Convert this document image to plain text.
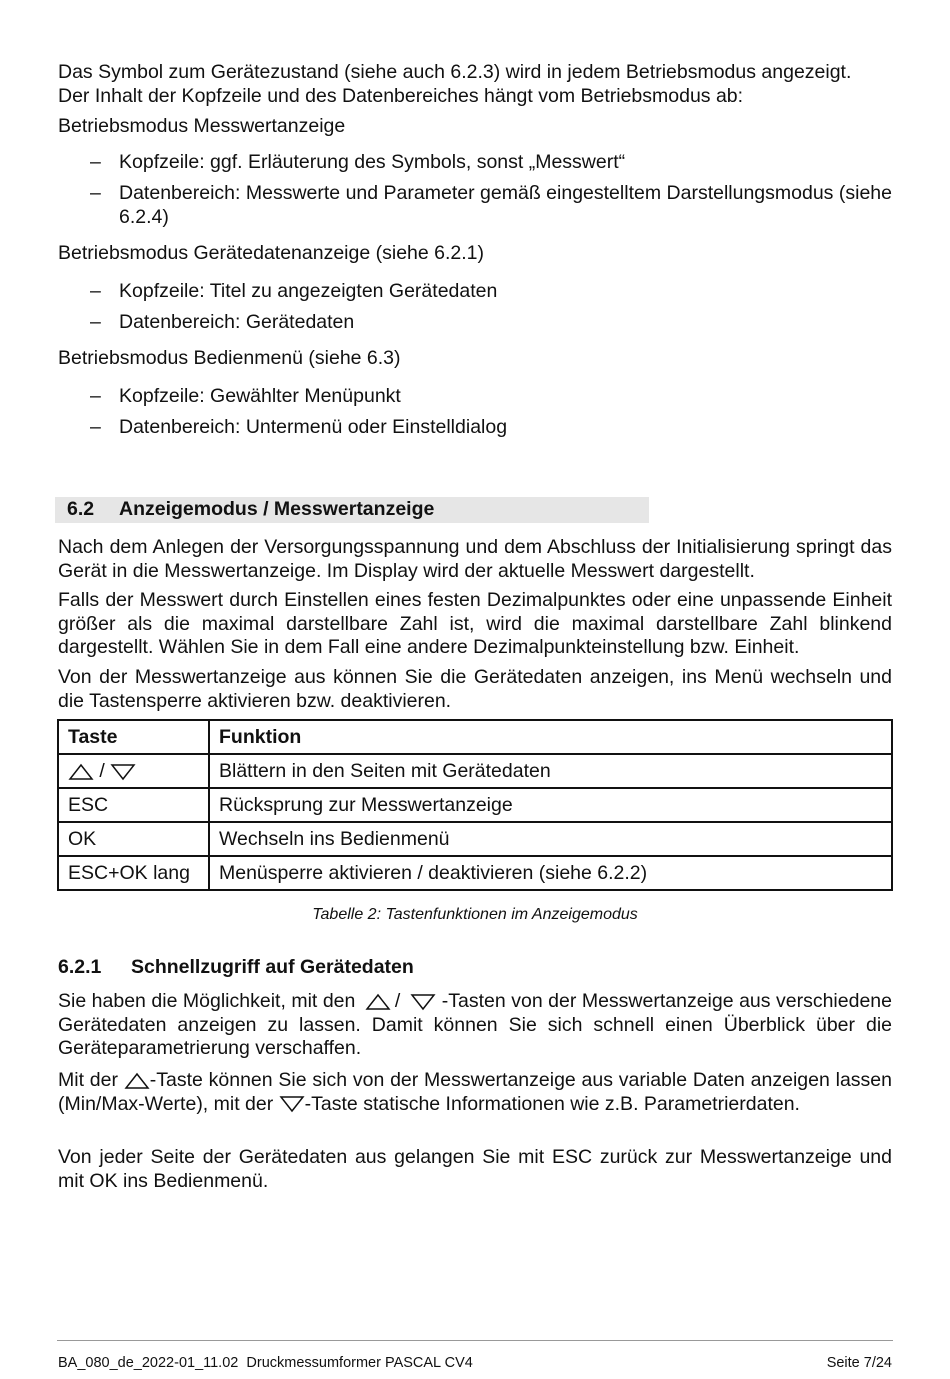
Das Symbol zum Gerätezustand (siehe auch 6.2.3) wird in jedem Betriebsmodus angezeigt.
Der Inhalt der Kopfzeile und des Datenbereiches hängt vom Betriebsmodus ab:
Betriebsmodus Messwertanzeige
– Kopfzeile: ggf. Erläuterung des Symbols, sonst „Messwert“
– Datenbereich: Messwerte und Parameter gemäß eingestelltem Darstellungsmodus (siehe 6.2.4)
Betriebsmodus Gerätedatenanzeige (siehe 6.2.1)
– Kopfzeile: Titel zu angezeigten Gerätedaten
– Datenbereich: Gerätedaten
Betriebsmodus Bedienmenü (siehe 6.3)
– Kopfzeile: Gewählter Menüpunkt
– Datenbereich: Untermenü oder Einstelldialog
6.2 Anzeigemodus / Messwertanzeige
Nach dem Anlegen der Versorgungsspannung und dem Abschluss der Initialisierung springt das Gerät in die Messwertanzeige. Im Display wird der aktuelle Messwert dargestellt.
Falls der Messwert durch Einstellen eines festen Dezimalpunktes oder eine unpassende Einheit größer als die maximal darstellbare Zahl ist, wird die maximal darstellbare Zahl blinkend dargestellt. Wählen Sie in dem Fall eine andere Dezimalpunkteinstellung bzw. Einheit.
Von der Messwertanzeige aus können Sie die Gerätedaten anzeigen, ins Menü wechseln und die Tastensperre aktivieren bzw. deaktivieren.
Taste	Funktion
/	Blättern in den Seiten mit Gerätedaten
ESC	Rücksprung zur Messwertanzeige
OK	Wechseln ins Bedienmenü
ESC+OK lang	Menüsperre aktivieren / deaktivieren (siehe 6.2.2)
Tabelle 2: Tastenfunktionen im Anzeigemodus
6.2.1 Schnellzugriff auf Gerätedaten
Sie haben die Möglichkeit, mit den / -Tasten von der Messwertanzeige aus verschiedene Gerätedaten anzeigen zu lassen. Damit können Sie sich schnell einen Überblick über die Geräteparametrierung verschaffen.
Mit der -Taste können Sie sich von der Messwertanzeige aus variable Daten anzeigen lassen (Min/Max-Werte), mit der -Taste statische Informationen wie z.B. Parametrierdaten.
Von jeder Seite der Gerätedaten aus gelangen Sie mit ESC zurück zur Messwertanzeige und mit OK ins Bedienmenü.
BA_080_de_2022-01_11.02  Druckmessumformer PASCAL CV4	Seite 7/24
